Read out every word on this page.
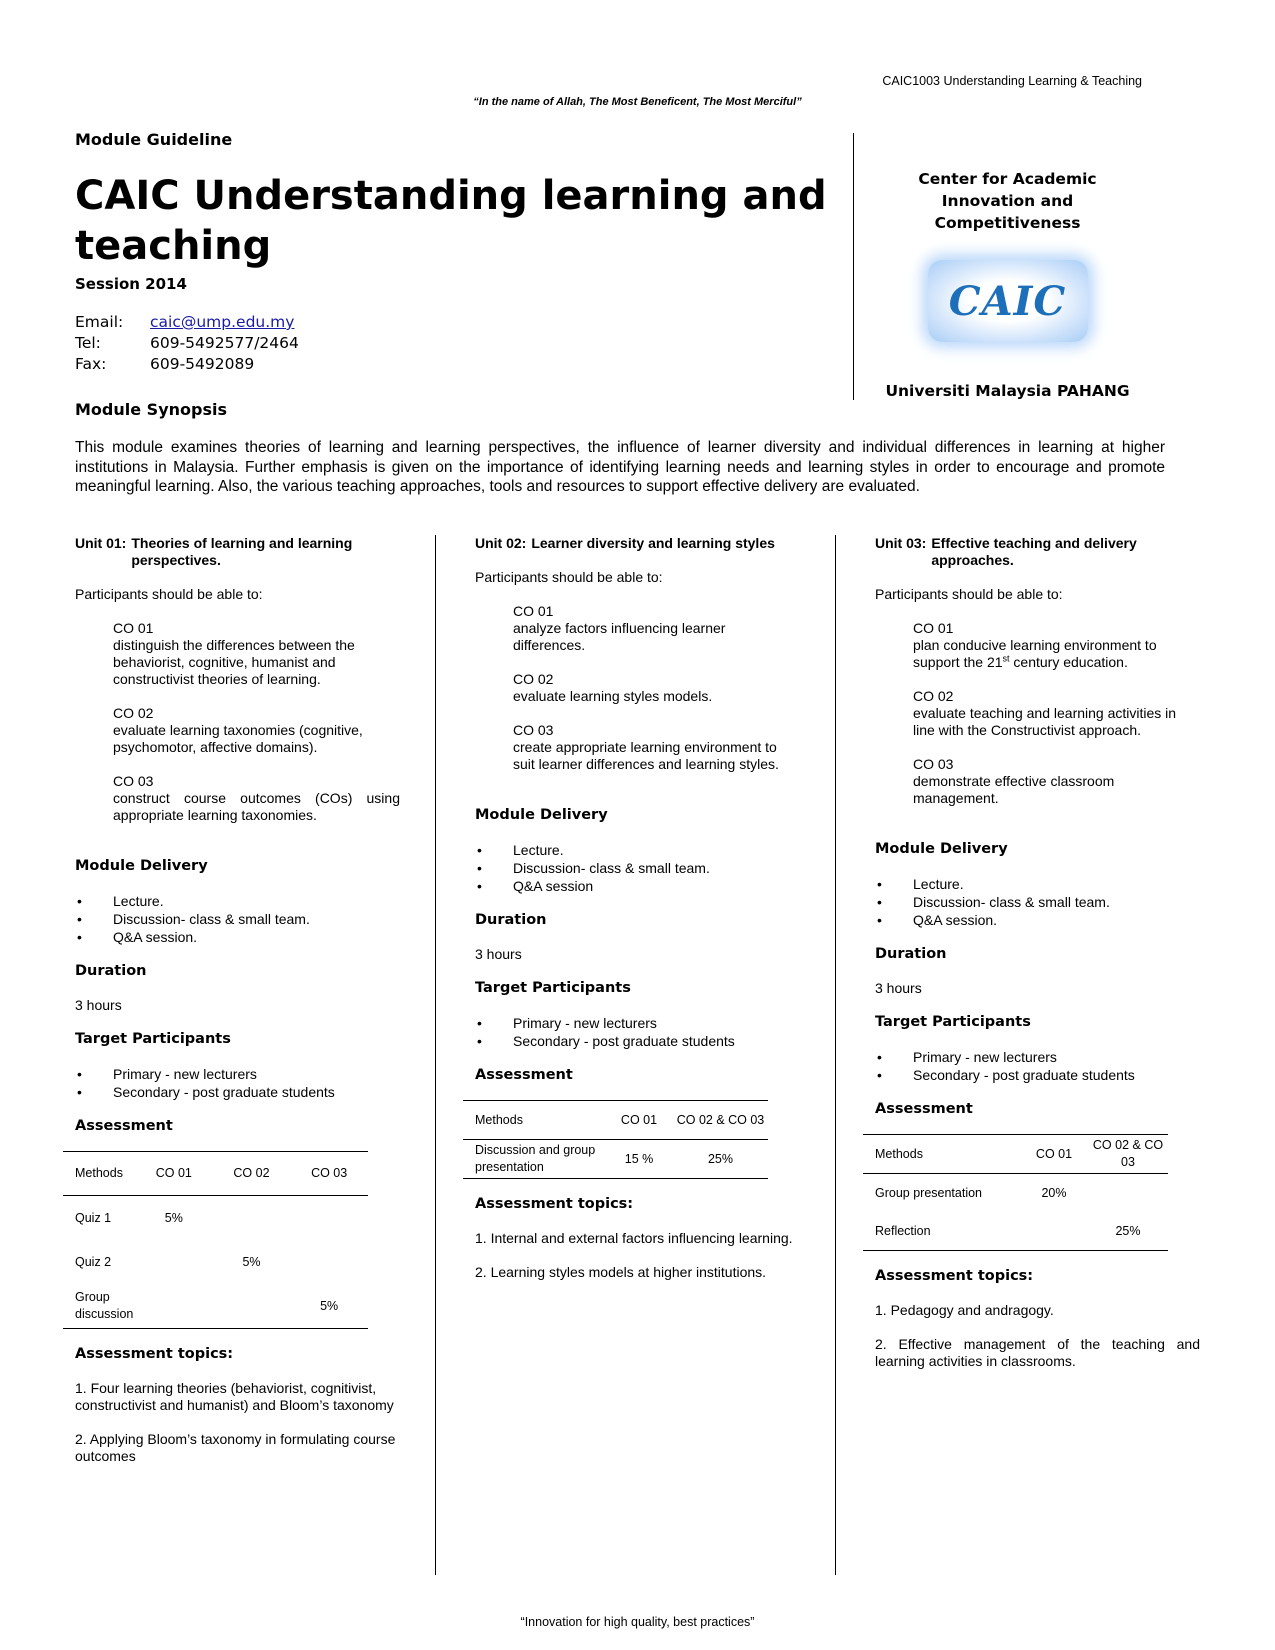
CAIC1003 Understanding Learning & Teaching
“In the name of Allah, The Most Beneficent, The Most Merciful”

Module Guideline

CAIC Understanding learning and teaching
Session 2014
Email:	caic@ump.edu.my
Tel:	609-5492577/2464
Fax:	609-5492089
Center for Academic Innovation and Competitiveness
CAIC
Universiti Malaysia PAHANG
Module Synopsis
This module examines theories of learning and learning perspectives, the influence of learner diversity and individual differences in learning at higher institutions in Malaysia. Further emphasis is given on the importance of identifying learning needs and learning styles in order to encourage and promote meaningful learning. Also, the various teaching approaches, tools and resources to support effective delivery are evaluated.
Unit 01: Theories of learning and learning perspectives.

Participants should be able to:

CO 01
distinguish the differences between the behaviorist, cognitive, humanist and constructivist theories of learning.
CO 02
evaluate learning taxonomies (cognitive, psychomotor, affective domains).
CO 03
construct course outcomes (COs) using appropriate learning taxonomies.

Module Delivery

• Lecture.
• Discussion- class & small team.
• Q&A session.

Duration

3 hours

Target Participants

• Primary - new lecturers
• Secondary - post graduate students

Assessment

Methods	CO 01	CO 02	CO 03
Quiz 1	5%		
Quiz 2		5%	
Group discussion			5%

Assessment topics:

1. Four learning theories (behaviorist, cognitivist, constructivist and humanist) and Bloom’s taxonomy

2. Applying Bloom’s taxonomy in formulating course outcomes

Unit 02: Learner diversity and learning styles

Participants should be able to:

CO 01
analyze factors influencing learner differences.
CO 02
evaluate learning styles models.
CO 03
create appropriate learning environment to suit learner differences and learning styles.

Module Delivery

• Lecture.
• Discussion- class & small team.
• Q&A session

Duration

3 hours

Target Participants

• Primary - new lecturers
• Secondary - post graduate students

Assessment

Methods	CO 01	CO 02 & CO 03
Discussion and group presentation	15 %	25%

Assessment topics:

1. Internal and external factors influencing learning.

2. Learning styles models at higher institutions.

Unit 03: Effective teaching and delivery approaches.

Participants should be able to:

CO 01
plan conducive learning environment to support the 21st century education.
CO 02
evaluate teaching and learning activities in line with the Constructivist approach.
CO 03
demonstrate effective classroom management.

Module Delivery

• Lecture.
• Discussion- class & small team.
• Q&A session.

Duration

3 hours

Target Participants

• Primary - new lecturers
• Secondary - post graduate students

Assessment

Methods	CO 01	CO 02 & CO 03
Group presentation	20%	
Reflection		25%

Assessment topics:

1. Pedagogy and andragogy.

2. Effective management of the teaching and learning activities in classrooms.

“Innovation for high quality, best practices”
